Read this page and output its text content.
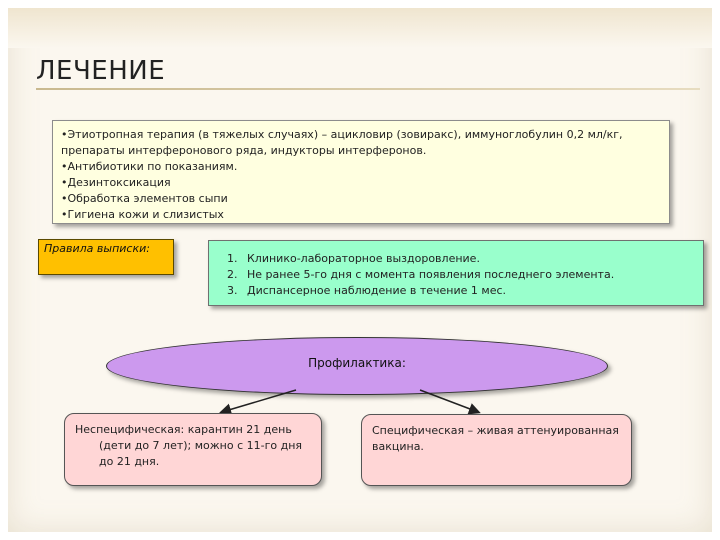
ЛЕЧЕНИЕ

•Этиотропная терапия (в тяжелых случаях) – ацикловир (зовиракс), иммуноглобулин 0,2 мл/кг, препараты интерферонового ряда, индукторы интерферонов.

•Антибиотики по показаниям.

•Дезинтоксикация

•Обработка элементов сыпи

•Гигиена кожи и слизистых

Правила выписки:
1. Клинико-лабораторное выздоровление.
2. Не ранее 5-го дня с момента появления последнего элемента.
3. Диспансерное наблюдение в течение 1 мес.
Профилактика:
Неспецифическая: карантин 21 день
(дети до 7 лет); можно с 11-го дня до 21 дня.
Специфическая – живая аттенуированная вакцина.
